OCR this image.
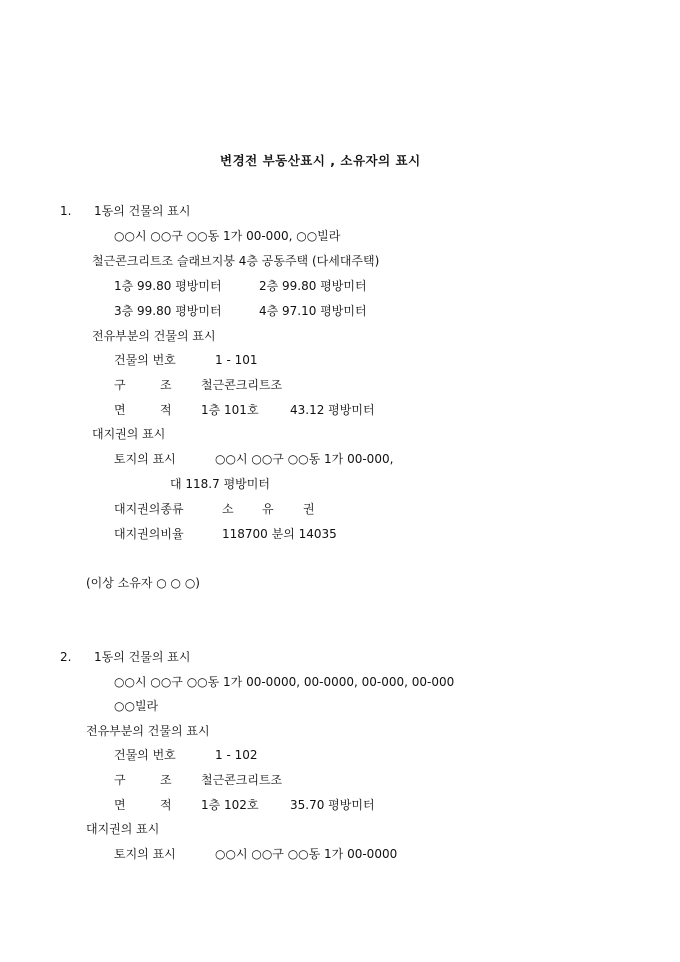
변경전 부동산표시 , 소유자의 표시
1. 1동의 건물의 표시
○○시 ○○구 ○○동 1가 00-000, ○○빌라
철근콘크리트조 슬래브지붕 4층 공동주택 (다세대주택)
1층 99.80 평방미터	2층 99.80 평방미터
3층 99.80 평방미터	4층 97.10 평방미터
전유부분의 건물의 표시
건물의 번호	1 - 101
구	조 철근콘크리트조
면	적 1층 101호	43.12 평방미터
대지권의 표시
토지의 표시	○○시 ○○구 ○○동 1가 00-000,
대 118.7 평방미터
대지권의종류	소 유 권
대지권의비율	118700 분의 14035
(이상 소유자 ○ ○ ○)
2. 1동의 건물의 표시
○○시 ○○구 ○○동 1가 00-0000, 00-0000, 00-000, 00-000
○○빌라
전유부분의 건물의 표시
건물의 번호	1 - 102
구	조 철근콘크리트조
면	적 1층 102호	35.70 평방미터
대지권의 표시
토지의 표시	○○시 ○○구 ○○동 1가 00-0000
